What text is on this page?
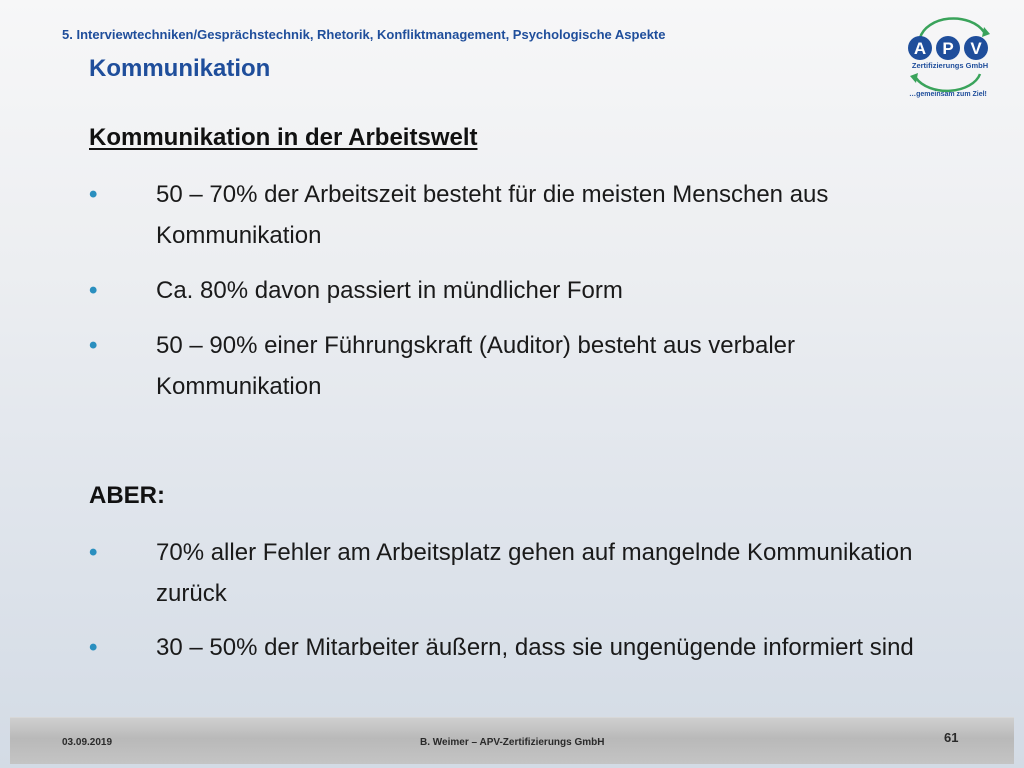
5. Interviewtechniken/Gesprächstechnik, Rhetorik, Konfliktmanagement, Psychologische Aspekte
Kommunikation
A P V
Zertifizierungs GmbH
…gemeinsam zum Ziel!
Kommunikation in der Arbeitswelt
•	50 – 70% der Arbeitszeit besteht für die meisten Menschen aus Kommunikation
•	Ca. 80% davon passiert in mündlicher Form
•	50 – 90% einer Führungskraft (Auditor) besteht aus verbaler Kommunikation
ABER:
•	70% aller Fehler am Arbeitsplatz gehen auf mangelnde Kommunikation zurück
•	30 – 50% der Mitarbeiter äußern, dass sie ungenügende informiert sind
03.09.2019	B. Weimer – APV-Zertifizierungs GmbH	61
